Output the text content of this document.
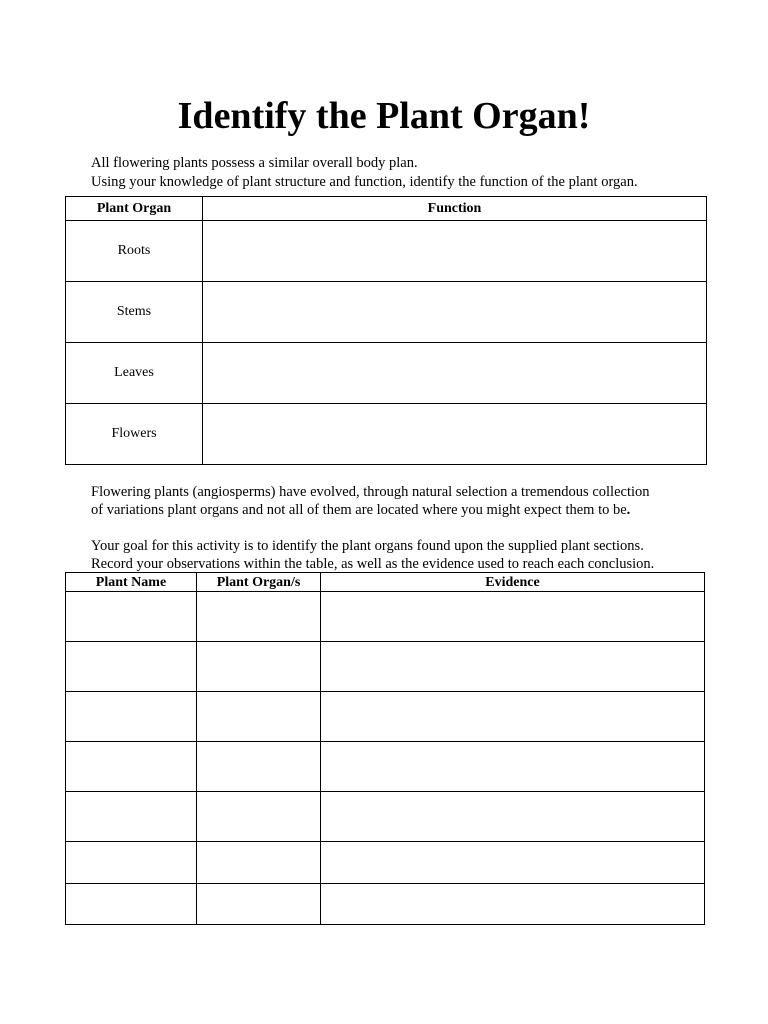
Identify the Plant Organ!

All flowering plants possess a similar overall body plan.

Using your knowledge of plant structure and function, identify the function of the plant organ.

Plant Organ	Function
Roots	
Stems	
Leaves	
Flowers	

Flowering plants (angiosperms) have evolved, through natural selection a tremendous collection

of variations plant organs and not all of them are located where you might expect them to be.

Your goal for this activity is to identify the plant organs found upon the supplied plant sections.

Record your observations within the table, as well as the evidence used to reach each conclusion.

Plant Name	Plant Organ/s	Evidence
